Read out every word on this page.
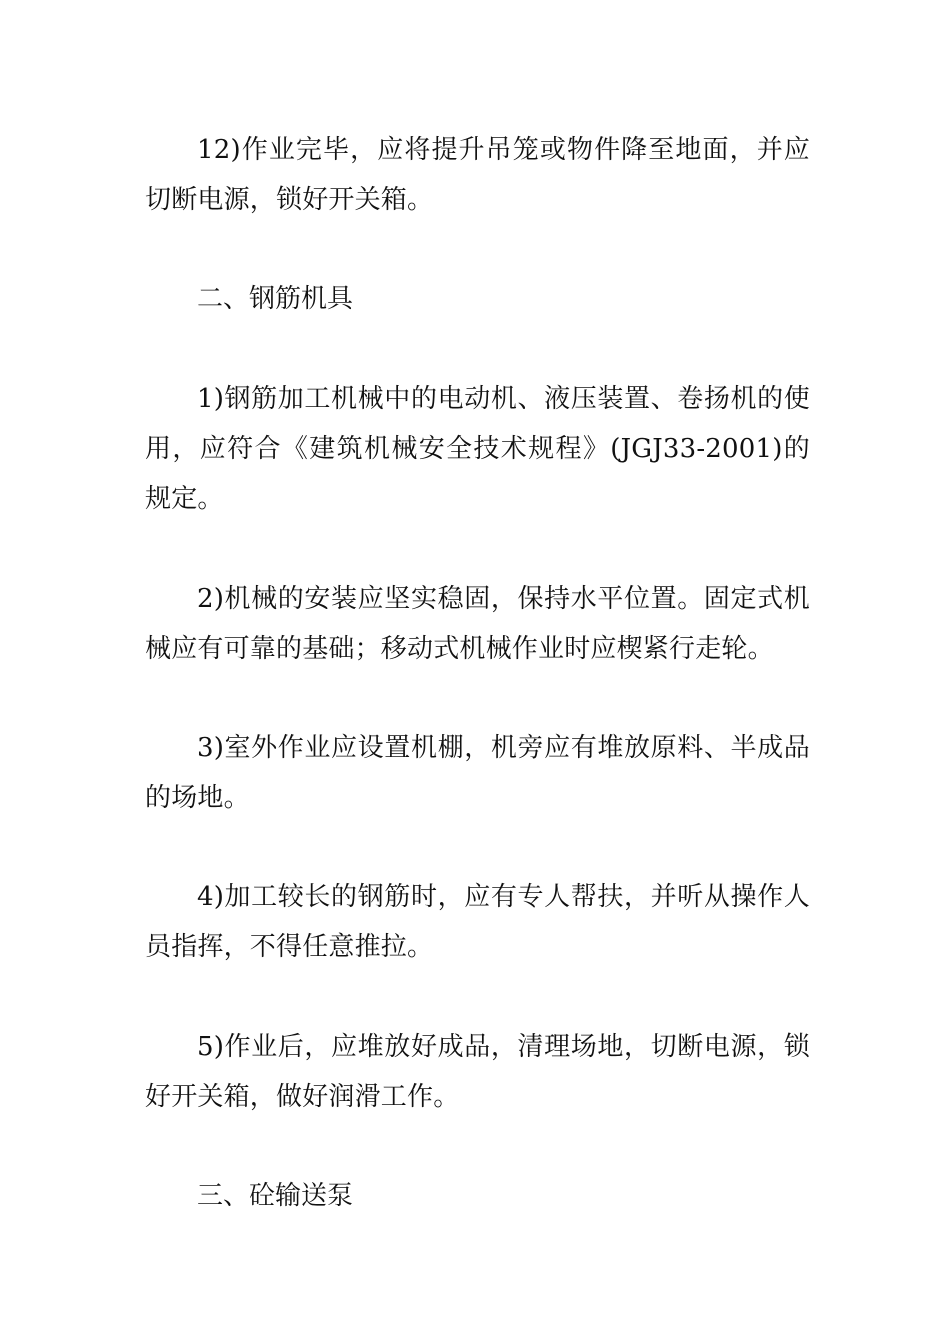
12)作业完毕，应将提升吊笼或物件降至地面，并应切断电源，锁好开关箱。

二、钢筋机具

1)钢筋加工机械中的电动机、液压装置、卷扬机的使用，应符合《建筑机械安全技术规程》(JGJ33-2001)的规定。

2)机械的安装应坚实稳固，保持水平位置。固定式机械应有可靠的基础；移动式机械作业时应楔紧行走轮。

3)室外作业应设置机棚，机旁应有堆放原料、半成品的场地。

4)加工较长的钢筋时，应有专人帮扶，并听从操作人员指挥，不得任意推拉。

5)作业后，应堆放好成品，清理场地，切断电源，锁好开关箱，做好润滑工作。

三、砼输送泵
